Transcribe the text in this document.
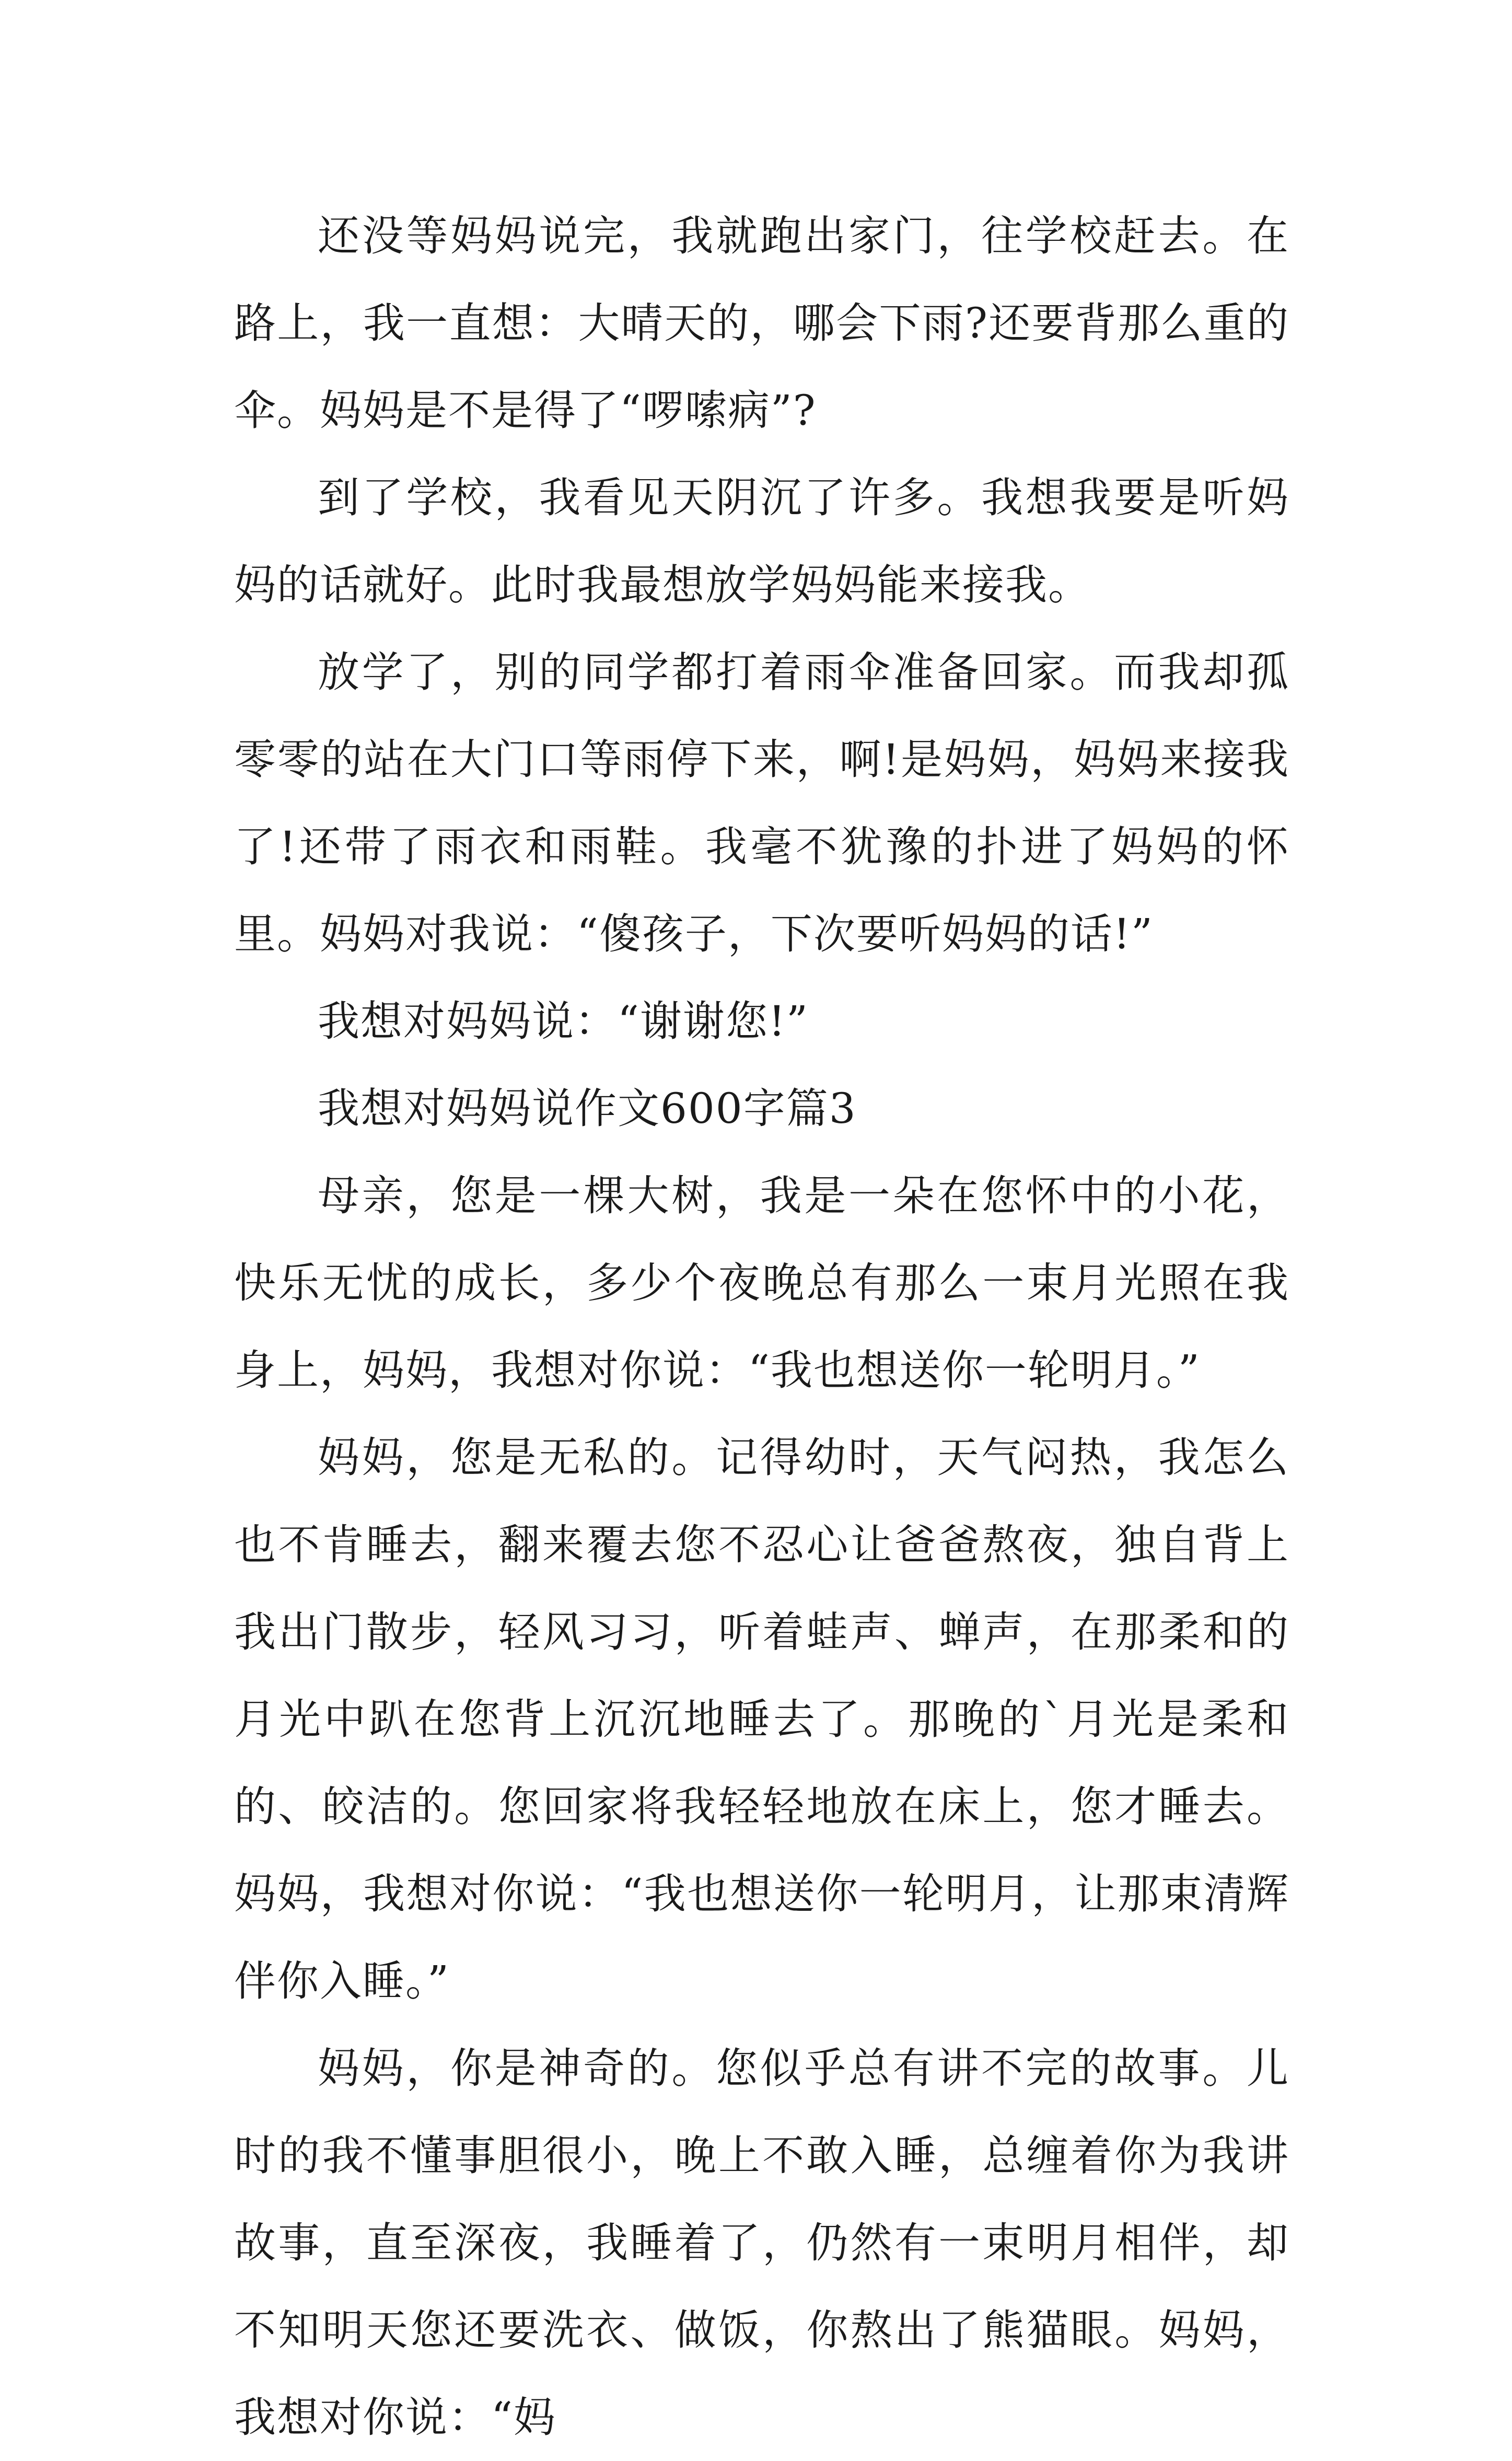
还没等妈妈说完，我就跑出家门，往学校赶去。在路上，我一直想：大晴天的，哪会下雨?还要背那么重的伞。妈妈是不是得了“啰嗦病”?

到了学校，我看见天阴沉了许多。我想我要是听妈妈的话就好。此时我最想放学妈妈能来接我。

放学了，别的同学都打着雨伞准备回家。而我却孤零零的站在大门口等雨停下来，啊!是妈妈，妈妈来接我了!还带了雨衣和雨鞋。我毫不犹豫的扑进了妈妈的怀里。妈妈对我说：“傻孩子，下次要听妈妈的话!”

我想对妈妈说：“谢谢您!”

我想对妈妈说作文600字篇3

母亲，您是一棵大树，我是一朵在您怀中的小花，快乐无忧的成长，多少个夜晚总有那么一束月光照在我身上，妈妈，我想对你说：“我也想送你一轮明月。”

妈妈，您是无私的。记得幼时，天气闷热，我怎么也不肯睡去，翻来覆去您不忍心让爸爸熬夜，独自背上我出门散步，轻风习习，听着蛙声、蝉声，在那柔和的月光中趴在您背上沉沉地睡去了。那晚的`月光是柔和的、皎洁的。您回家将我轻轻地放在床上，您才睡去。妈妈，我想对你说：“我也想送你一轮明月，让那束清辉伴你入睡。”

妈妈，你是神奇的。您似乎总有讲不完的故事。儿时的我不懂事胆很小，晚上不敢入睡，总缠着你为我讲故事，直至深夜，我睡着了，仍然有一束明月相伴，却不知明天您还要洗衣、做饭，你熬出了熊猫眼。妈妈，我想对你说：“妈
